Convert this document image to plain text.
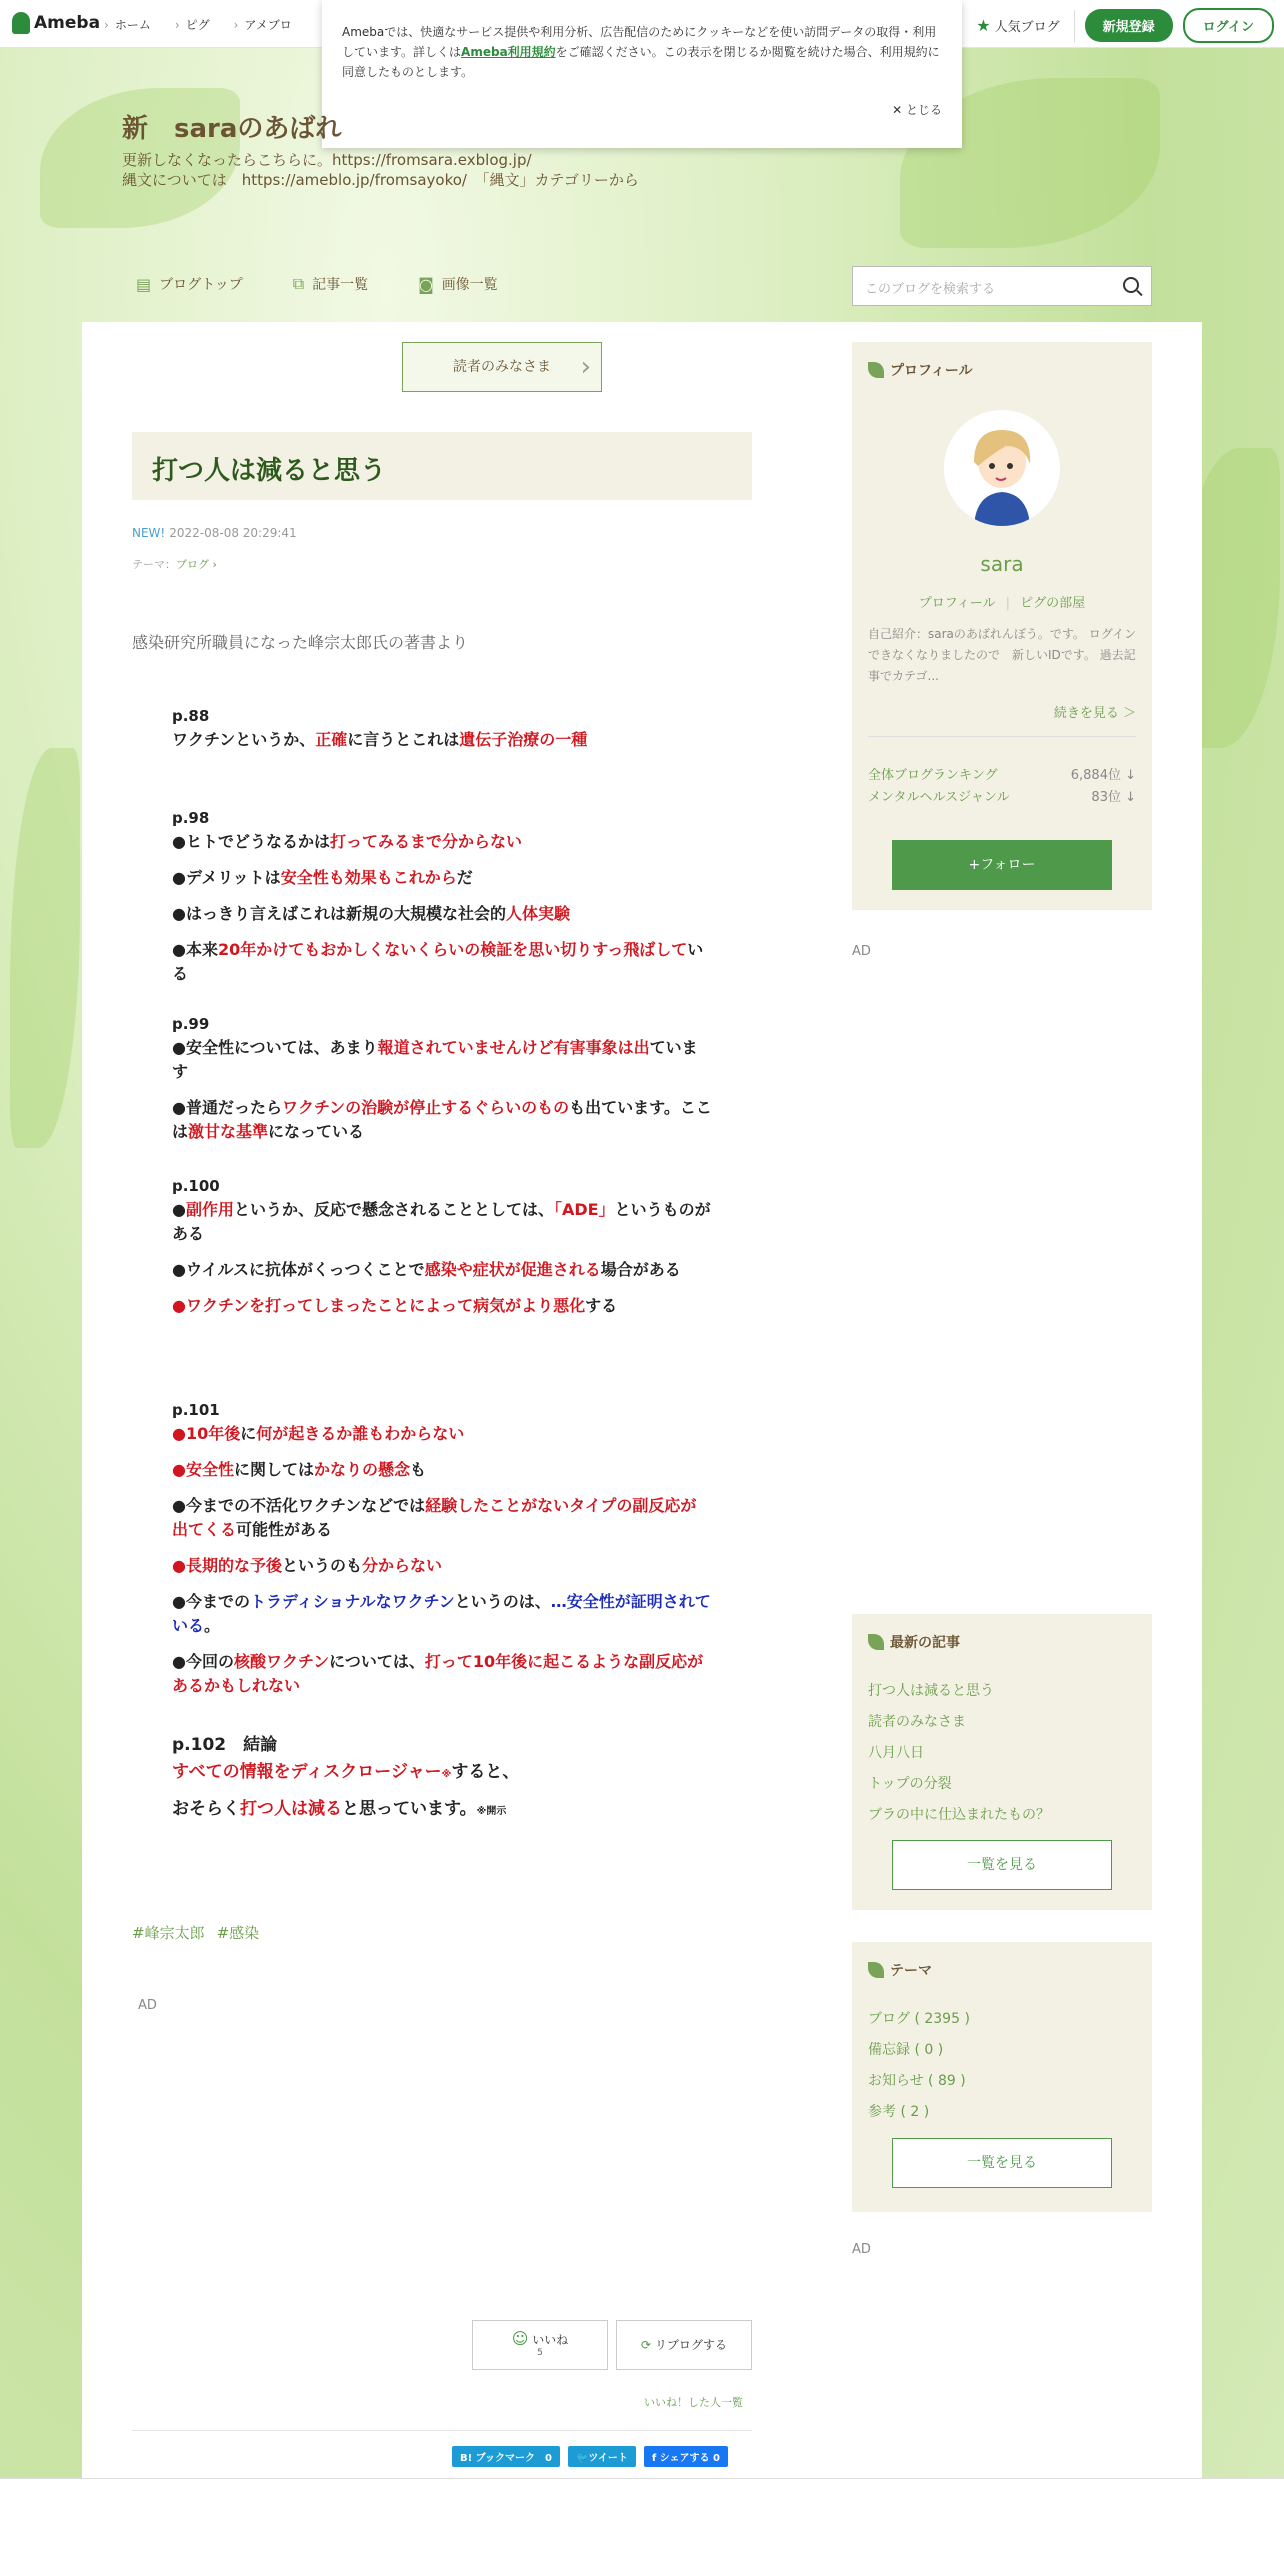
Ameba	› ホーム	› ピグ	› アメブロ	★ 人気ブログ	新規登録	ログイン
Amebaでは、快適なサービス提供や利用分析、広告配信のためにクッキーなどを使い訪問データの取得・利用しています。詳しくはAmeba利用規約をご確認ください。この表示を閉じるか閲覧を続けた場合、利用規約に同意したものとします。
✕ とじる
新　saraのあばれ
更新しなくなったらこちらに。https://fromsara.exblog.jp/
縄文については　https://ameblo.jp/fromsayoko/　「縄文」カテゴリーから
▤ ブログトップ	⧉ 記事一覧	◙ 画像一覧	このブログを検索する
読者のみなさま ›
打つ人は減ると思う
NEW! 2022-08-08 20:29:41
テーマ：ブログ ›
感染研究所職員になった峰宗太郎氏の著書より
p.88
ワクチンというか、正確に言うとこれは遺伝子治療の一種
p.98
●ヒトでどうなるかは打ってみるまで分からない
●デメリットは安全性も効果もこれからだ
●はっきり言えばこれは新規の大規模な社会的人体実験
●本来20年かけてもおかしくないくらいの検証を思い切りすっ飛ばしている
p.99
●安全性については、あまり報道されていませんけど有害事象は出ています
●普通だったらワクチンの治験が停止するぐらいのものも出ています。ここは激甘な基準になっている
p.100
●副作用というか、反応で懸念されることとしては、「ADE」というものがある
●ウイルスに抗体がくっつくことで感染や症状が促進される場合がある
●ワクチンを打ってしまったことによって病気がより悪化する
p.101
●10年後に何が起きるか誰もわからない
●安全性に関してはかなりの懸念も
●今までの不活化ワクチンなどでは経験したことがないタイプの副反応が出てくる可能性がある
●長期的な予後というのも分からない
●今までのトラディショナルなワクチンというのは、…安全性が証明されている。
●今回の核酸ワクチンについては、打って10年後に起こるような副反応があるかもしれない
p.102　結論
すべての情報をディスクロージャー※すると、
おそらく打つ人は減ると思っています。※開示
#峰宗太郎 #感染
AD
☺ いいね
5
⟳ リブログする
いいね！した人一覧
B! ブックマーク　0	🐦ツイート	f シェアする 0
プロフィール
sara
プロフィール | ピグの部屋
自己紹介：saraのあばれんぼう。です。 ログインできなくなりましたので　新しいIDです。 過去記事でカテゴ...
続きを見る ＞
全体ブログランキング	6,884位 ↓
メンタルヘルスジャンル	83位 ↓
+フォロー
AD
最新の記事
打つ人は減ると思う
読者のみなさま
八月八日
トップの分裂
ブラの中に仕込まれたもの？
一覧を見る
テーマ
ブログ ( 2395 )
備忘録 ( 0 )
お知らせ ( 89 )
参考 ( 2 )
一覧を見る
AD
